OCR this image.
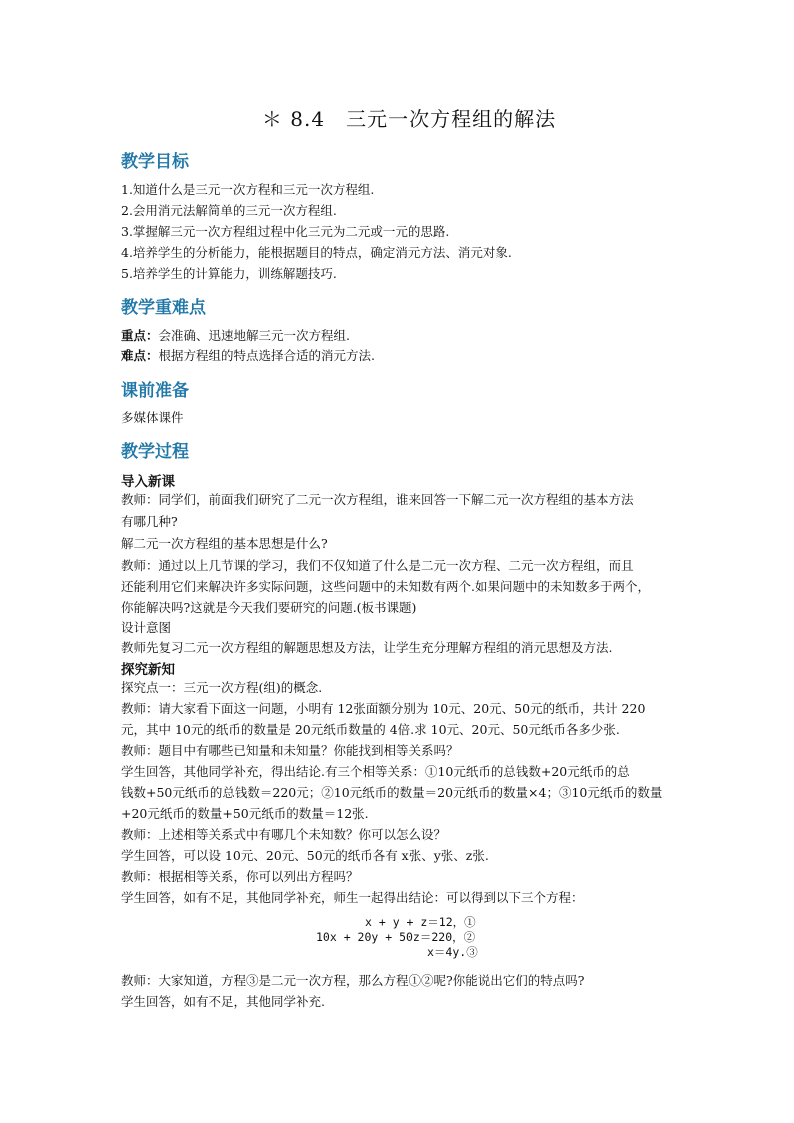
＊ 8.4　三元一次方程组的解法
教学目标
1.知道什么是三元一次方程和三元一次方程组.
2.会用消元法解简单的三元一次方程组.
3.掌握解三元一次方程组过程中化三元为二元或一元的思路.
4.培养学生的分析能力，能根据题目的特点，确定消元方法、消元对象.
5.培养学生的计算能力，训练解题技巧.
教学重难点
重点：会准确、迅速地解三元一次方程组.
难点：根据方程组的特点选择合适的消元方法.
课前准备
多媒体课件
教学过程
导入新课
教师：同学们，前面我们研究了二元一次方程组，谁来回答一下解二元一次方程组的基本方法
有哪几种?
解二元一次方程组的基本思想是什么?
教师：通过以上几节课的学习，我们不仅知道了什么是二元一次方程、二元一次方程组，而且
还能利用它们来解决许多实际问题，这些问题中的未知数有两个.如果问题中的未知数多于两个，
你能解决吗?这就是今天我们要研究的问题.(板书课题)
设计意图
教师先复习二元一次方程组的解题思想及方法，让学生充分理解方程组的消元思想及方法.
探究新知
探究点一：三元一次方程(组)的概念.
教师：请大家看下面这一问题，小明有 12张面额分别为 10元、20元、50元的纸币，共计 220
元，其中 10元的纸币的数量是 20元纸币数量的 4倍.求 10元、20元、50元纸币各多少张.
教师：题目中有哪些已知量和未知量？你能找到相等关系吗？
学生回答，其他同学补充，得出结论.有三个相等关系：①10元纸币的总钱数+20元纸币的总
钱数+50元纸币的总钱数＝220元；②10元纸币的数量＝20元纸币的数量×4；③10元纸币的数量
+20元纸币的数量+50元纸币的数量＝12张.
教师：上述相等关系式中有哪几个未知数？你可以怎么设？
学生回答，可以设 10元、20元、50元的纸币各有 x张、y张、z张.
教师：根据相等关系，你可以列出方程吗？
学生回答，如有不足，其他同学补充，师生一起得出结论：可以得到以下三个方程：
x + y + z＝12，①
10x + 20y + 50z＝220，②
x＝4y.③
教师：大家知道，方程③是二元一次方程，那么方程①②呢?你能说出它们的特点吗?
学生回答，如有不足，其他同学补充.
